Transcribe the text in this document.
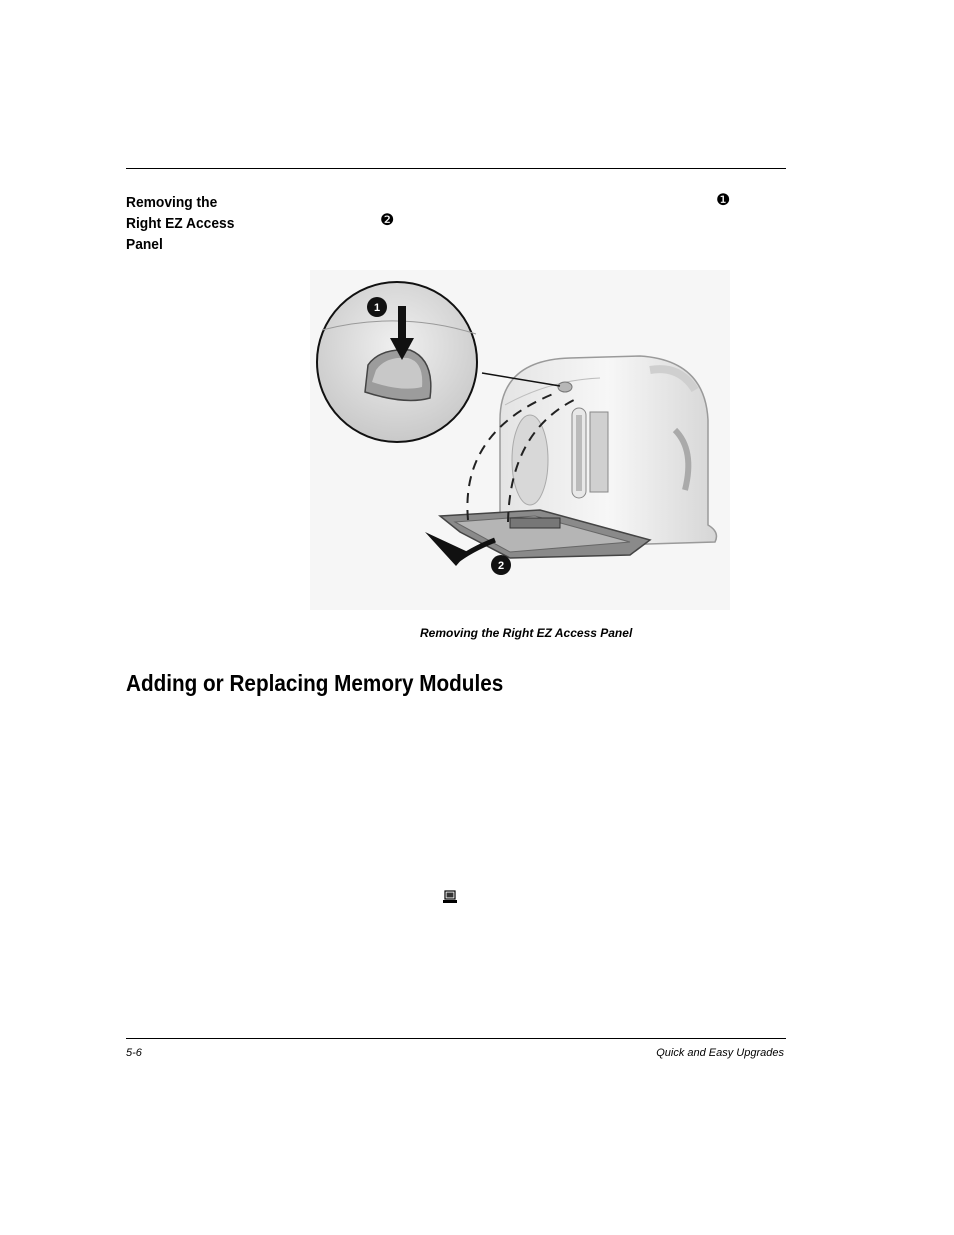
Removing the
Right EZ Access
Panel
❶
❷
1
2
Removing the Right EZ Access Panel
Adding or Replacing Memory Modules
5-6	Quick and Easy Upgrades
